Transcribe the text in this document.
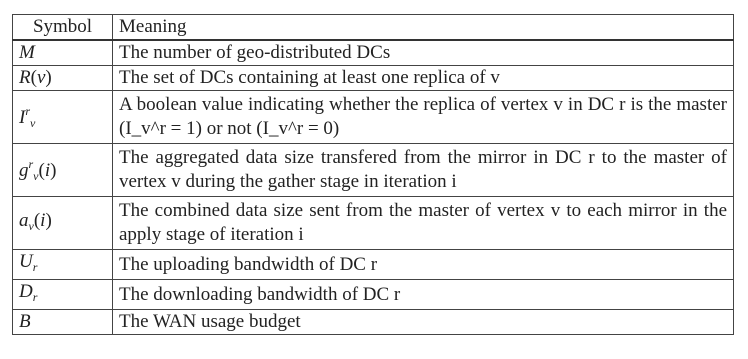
Symbol	Meaning
M	The number of geo-distributed DCs
R(v)	The set of DCs containing at least one replica of v
$I^r_v$	A boolean value indicating whether the replica of vertex v in DC r is the master (I_v^r = 1) or not (I_v^r = 0)
$g^r_v(i)$	The aggregated data size transfered from the mirror in DC r to the master of vertex v during the gather stage in iteration i
$a_v(i)$	The combined data size sent from the master of vertex v to each mirror in the apply stage of iteration i
$U_r$	The uploading bandwidth of DC r
$D_r$	The downloading bandwidth of DC r
B	The WAN usage budget
